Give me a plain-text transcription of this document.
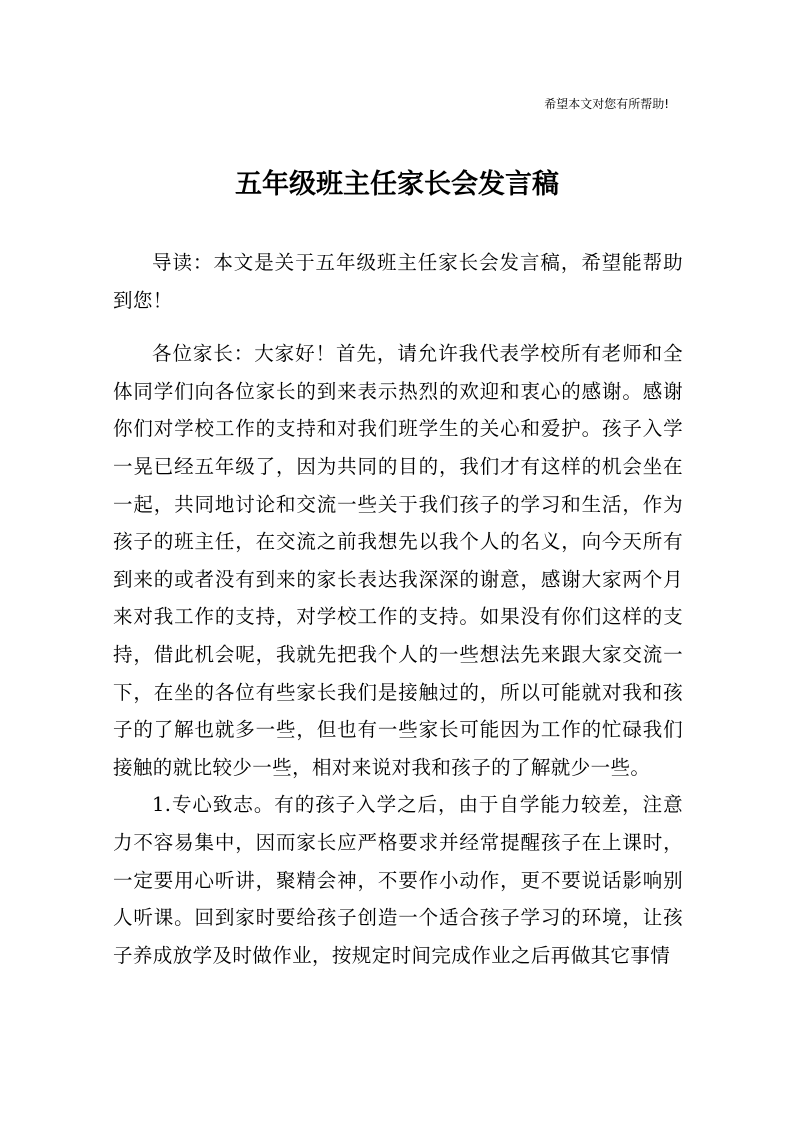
希望本文对您有所帮助!
五年级班主任家长会发言稿

导读：本文是关于五年级班主任家长会发言稿，希望能帮助到您！

各位家长：大家好！首先，请允许我代表学校所有老师和全体同学们向各位家长的到来表示热烈的欢迎和衷心的感谢。感谢你们对学校工作的支持和对我们班学生的关心和爱护。孩子入学一晃已经五年级了，因为共同的目的，我们才有这样的机会坐在一起，共同地讨论和交流一些关于我们孩子的学习和生活，作为孩子的班主任，在交流之前我想先以我个人的名义，向今天所有到来的或者没有到来的家长表达我深深的谢意，感谢大家两个月来对我工作的支持，对学校工作的支持。如果没有你们这样的支持，借此机会呢，我就先把我个人的一些想法先来跟大家交流一下，在坐的各位有些家长我们是接触过的，所以可能就对我和孩子的了解也就多一些，但也有一些家长可能因为工作的忙碌我们接触的就比较少一些，相对来说对我和孩子的了解就少一些。

1.专心致志。有的孩子入学之后，由于自学能力较差，注意力不容易集中，因而家长应严格要求并经常提醒孩子在上课时，一定要用心听讲，聚精会神，不要作小动作，更不要说话影响别人听课。回到家时要给孩子创造一个适合孩子学习的环境，让孩子养成放学及时做作业，按规定时间完成作业之后再做其它事情
